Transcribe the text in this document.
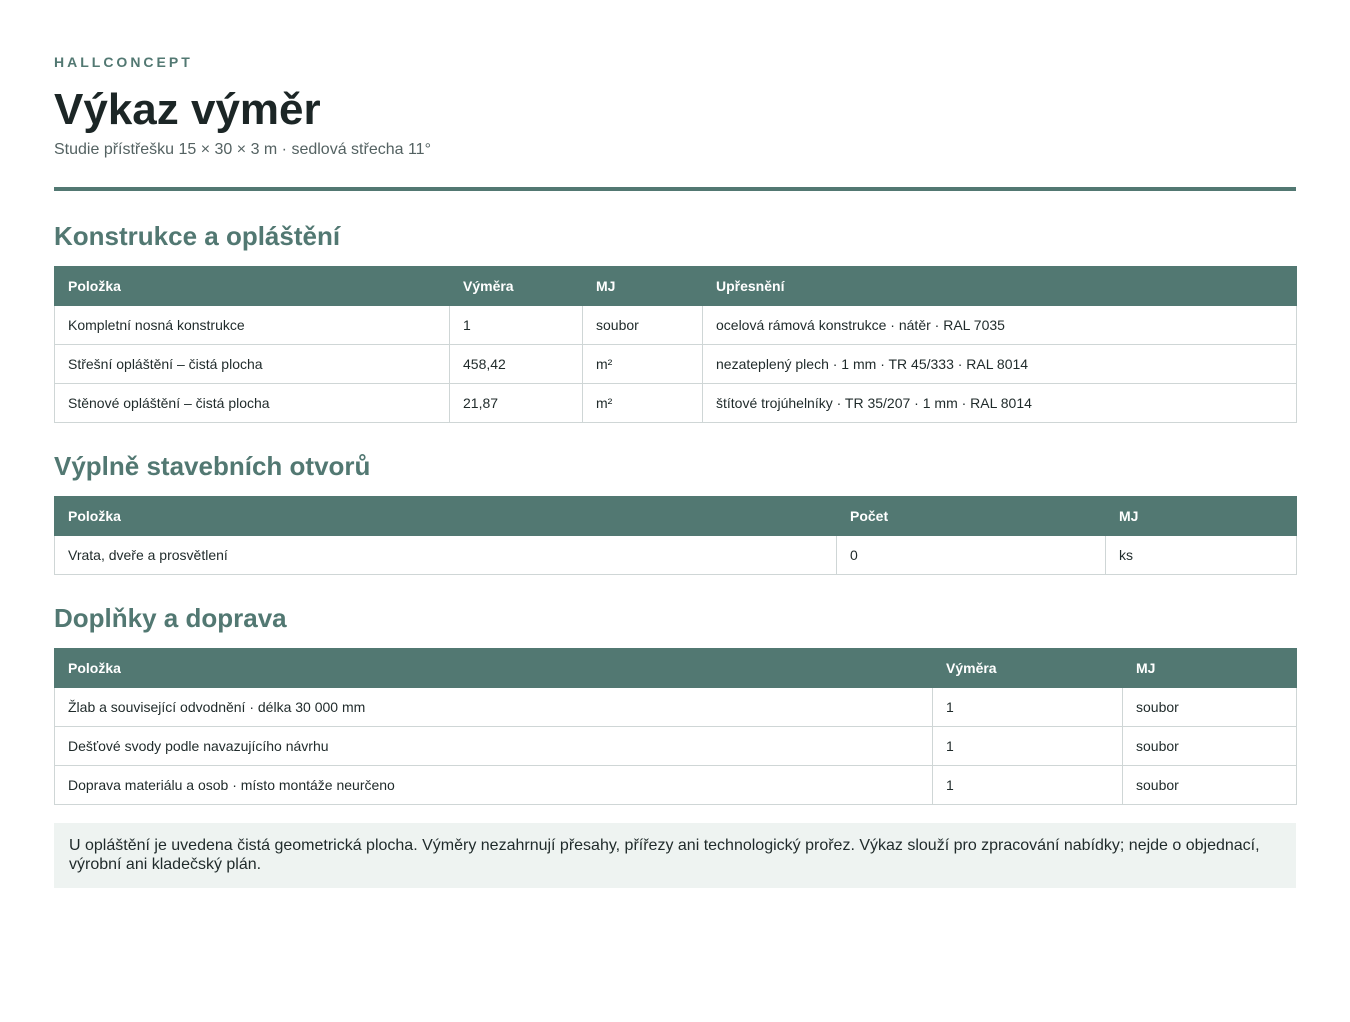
HALLCONCEPT

Výkaz výměr

Studie přístřešku 15 × 30 × 3 m · sedlová střecha 11°

Konstrukce a opláštění
Položka	Výměra	MJ	Upřesnění
Kompletní nosná konstrukce	1	soubor	ocelová rámová konstrukce · nátěr · RAL 7035
Střešní opláštění – čistá plocha	458,42	m²	nezateplený plech · 1 mm · TR 45/333 · RAL 8014
Stěnové opláštění – čistá plocha	21,87	m²	štítové trojúhelníky · TR 35/207 · 1 mm · RAL 8014
Výplně stavebních otvorů
Položka	Počet	MJ
Vrata, dveře a prosvětlení	0	ks
Doplňky a doprava
Položka	Výměra	MJ
Žlab a související odvodnění · délka 30 000 mm	1	soubor
Dešťové svody podle navazujícího návrhu	1	soubor
Doprava materiálu a osob · místo montáže neurčeno	1	soubor
U opláštění je uvedena čistá geometrická plocha. Výměry nezahrnují přesahy, přířezy ani technologický prořez. Výkaz slouží pro zpracování nabídky; nejde o objednací, výrobní ani kladečský plán.
